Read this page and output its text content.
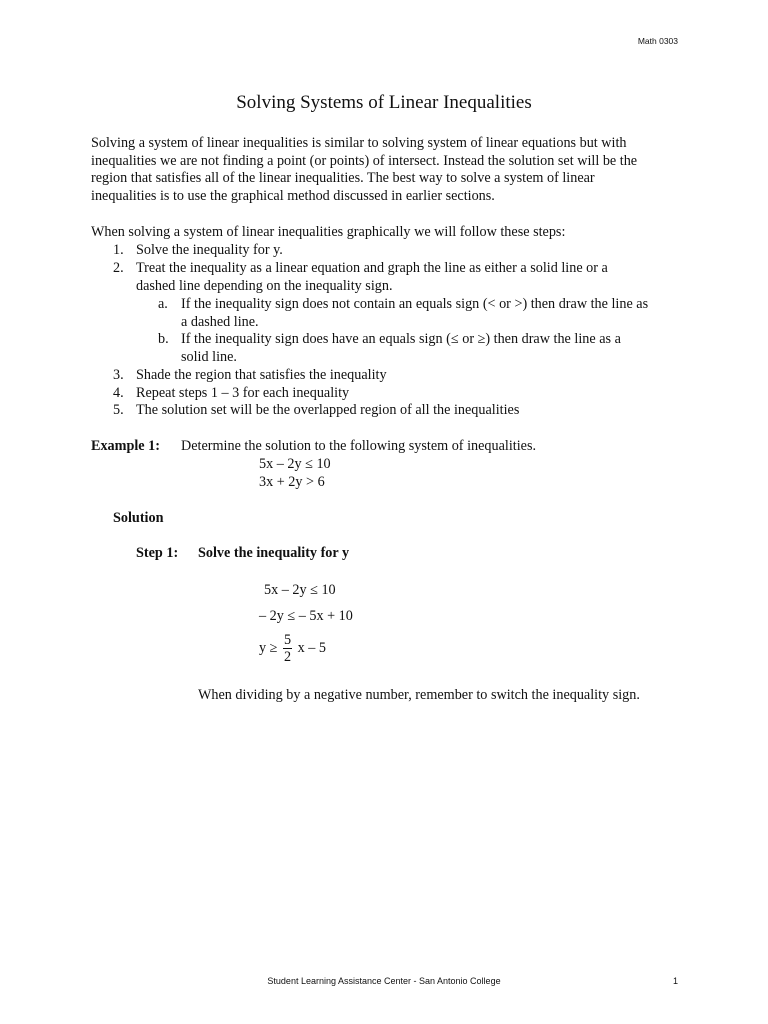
Math 0303
Solving Systems of Linear Inequalities
Solving a system of linear inequalities is similar to solving system of linear equations but with
inequalities we are not finding a point (or points) of intersect. Instead the solution set will be the
region that satisfies all of the linear inequalities. The best way to solve a system of linear
inequalities is to use the graphical method discussed in earlier sections.
When solving a system of linear inequalities graphically we will follow these steps:
1. Solve the inequality for y.
2. Treat the inequality as a linear equation and graph the line as either a solid line or a
dashed line depending on the inequality sign.
a. If the inequality sign does not contain an equals sign (< or >) then draw the line as
a dashed line.
b. If the inequality sign does have an equals sign (≤ or ≥) then draw the line as a
solid line.
3. Shade the region that satisfies the inequality
4. Repeat steps 1 – 3 for each inequality
5. The solution set will be the overlapped region of all the inequalities
Example 1: Determine the solution to the following system of inequalities.
5x – 2y ≤ 10
3x + 2y > 6
Solution
Step 1: Solve the inequality for y
5x – 2y ≤ 10
– 2y ≤ – 5x + 10
$y \ge \frac{5}{2}$ x – 5
When dividing by a negative number, remember to switch the inequality sign.
Student Learning Assistance Center - San Antonio College	1
